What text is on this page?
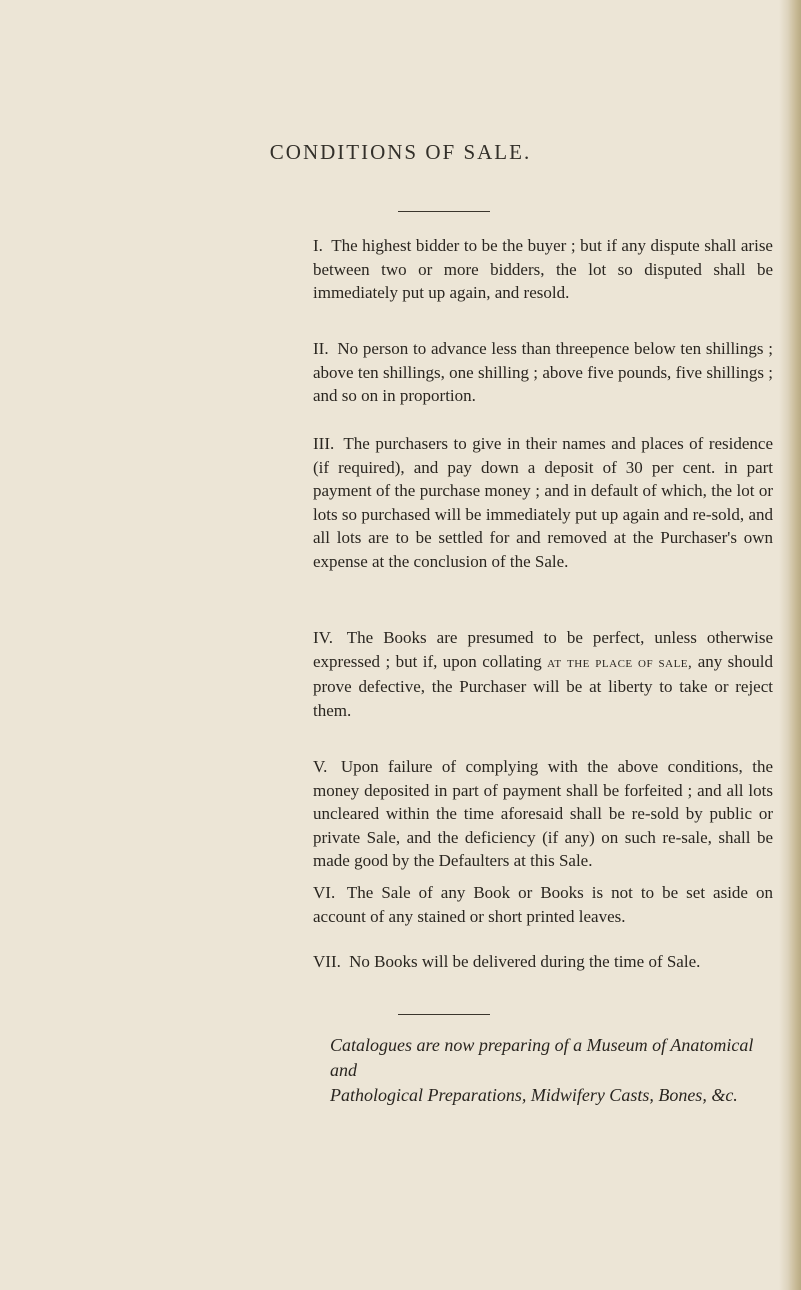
CONDITIONS OF SALE.
I. The highest bidder to be the buyer ; but if any dispute shall arise between two or more bidders, the lot so disputed shall be immediately put up again, and resold.
II. No person to advance less than threepence below ten shillings ; above ten shillings, one shilling ; above five pounds, five shillings ; and so on in proportion.
III. The purchasers to give in their names and places of residence (if required), and pay down a deposit of 30 per cent. in part payment of the purchase money ; and in default of which, the lot or lots so purchased will be immediately put up again and re-sold, and all lots are to be settled for and removed at the Purchaser's own expense at the conclusion of the Sale.
IV. The Books are presumed to be perfect, unless otherwise expressed ; but if, upon collating at the place of sale, any should prove defective, the Purchaser will be at liberty to take or reject them.
V. Upon failure of complying with the above conditions, the money deposited in part of payment shall be forfeited ; and all lots uncleared within the time aforesaid shall be re-sold by public or private Sale, and the deficiency (if any) on such re-sale, shall be made good by the Defaulters at this Sale.
VI. The Sale of any Book or Books is not to be set aside on account of any stained or short printed leaves.
VII. No Books will be delivered during the time of Sale.
Catalogues are now preparing of a Museum of Anatomical and
Pathological Preparations, Midwifery Casts, Bones, &c.
